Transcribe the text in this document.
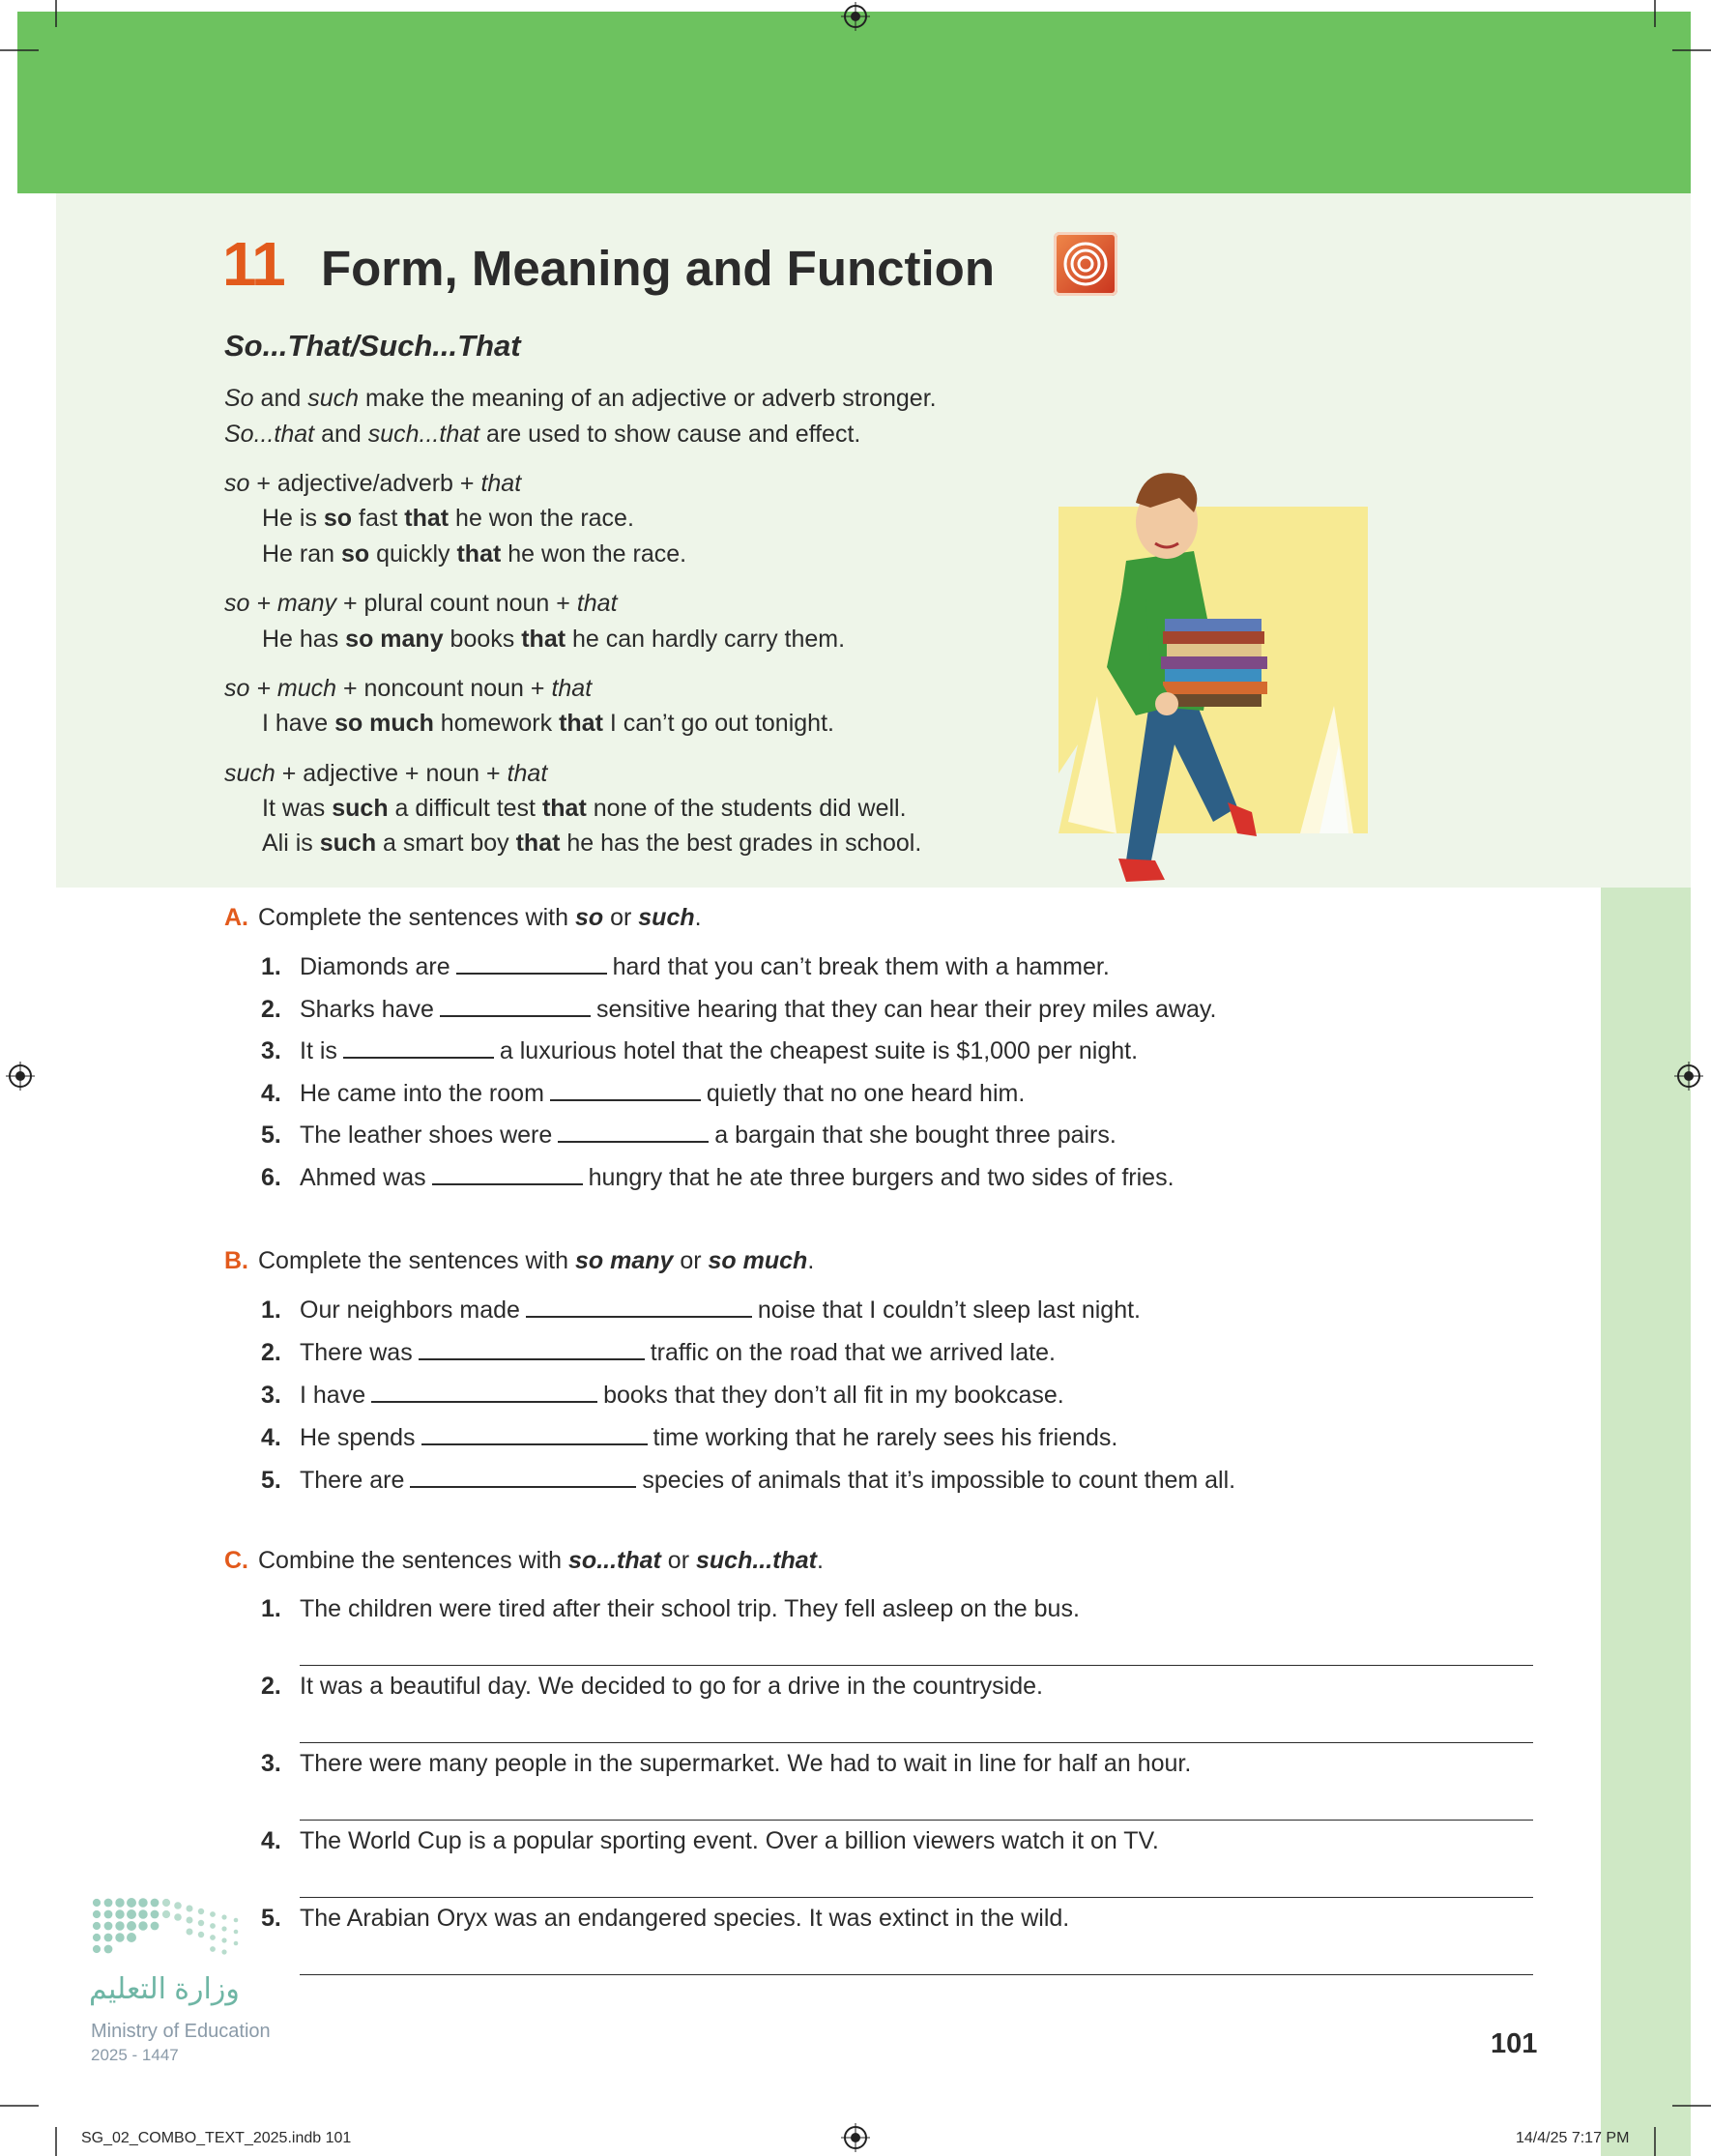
11 Form, Meaning and Function
So...That/Such...That
So and such make the meaning of an adjective or adverb stronger.
So...that and such...that are used to show cause and effect.
so + adjective/adverb + that
He is so fast that he won the race.
He ran so quickly that he won the race.
so + many + plural count noun + that
He has so many books that he can hardly carry them.
so + much + noncount noun + that
I have so much homework that I can’t go out tonight.
such + adjective + noun + that
It was such a difficult test that none of the students did well.
Ali is such a smart boy that he has the best grades in school.
A. Complete the sentences with so or such.
1. Diamonds are	hard that you can’t break them with a hammer.
2. Sharks have	sensitive hearing that they can hear their prey miles away.
3. It is	a luxurious hotel that the cheapest suite is $1,000 per night.
4. He came into the room	quietly that no one heard him.
5. The leather shoes were	a bargain that she bought three pairs.
6. Ahmed was	hungry that he ate three burgers and two sides of fries.
B. Complete the sentences with so many or so much.
1. Our neighbors made	noise that I couldn’t sleep last night.
2. There was	traffic on the road that we arrived late.
3. I have	books that they don’t all fit in my bookcase.
4. He spends	time working that he rarely sees his friends.
5. There are	species of animals that it’s impossible to count them all.
C. Combine the sentences with so...that or such...that.
1. The children were tired after their school trip. They fell asleep on the bus.
2. It was a beautiful day. We decided to go for a drive in the countryside.
3. There were many people in the supermarket. We had to wait in line for half an hour.
4. The World Cup is a popular sporting event. Over a billion viewers watch it on TV.
5. The Arabian Oryx was an endangered species. It was extinct in the wild.
وزارة التعليم
Ministry of Education
2025 - 1447	101
SG_02_COMBO_TEXT_2025.indb 101	14/4/25 7:17 PM
